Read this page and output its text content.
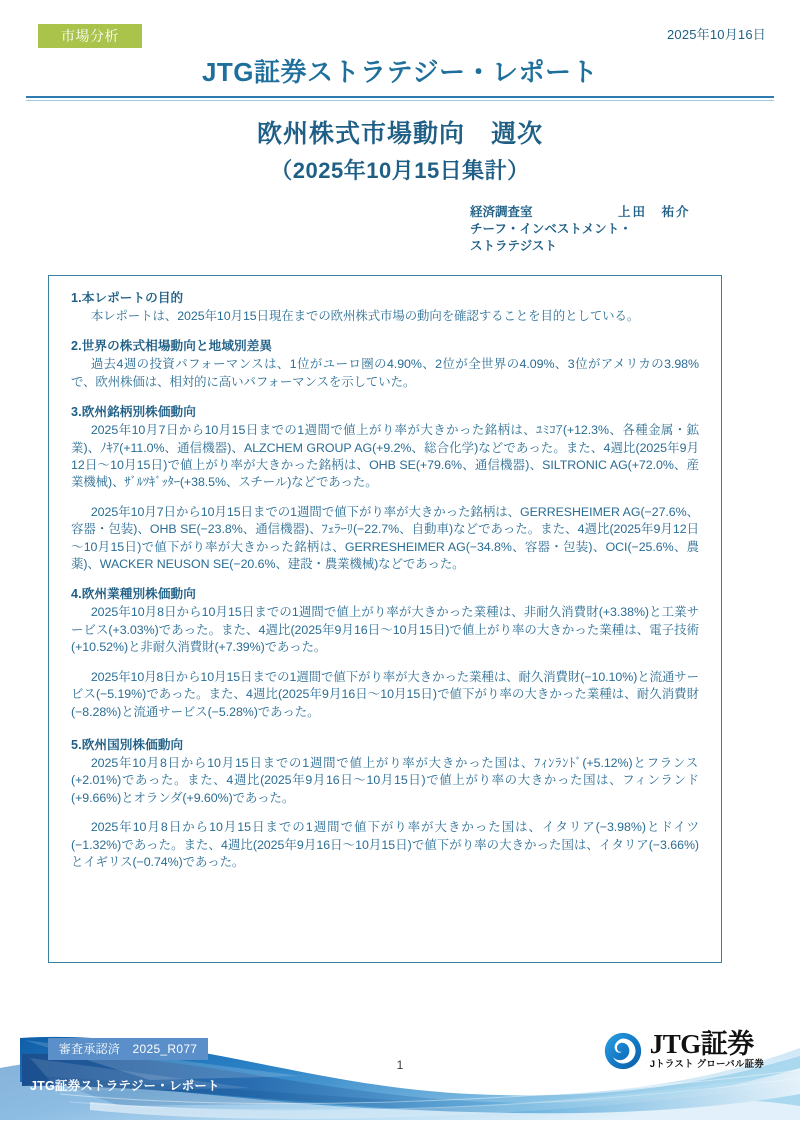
市場分析	2025年10月16日
JTG証券ストラテジー・レポート
欧州株式市場動向　週次
（2025年10月15日集計）
経済調査室	上田　祐介
チーフ・インベストメント・
ストラテジスト
1.本レポートの目的

本レポートは、2025年10月15日現在までの欧州株式市場の動向を確認することを目的としている。

2.世界の株式相場動向と地域別差異

過去4週の投資パフォーマンスは、1位がユーロ圏の4.90%、2位が全世界の4.09%、3位がアメリカの3.98%で、欧州株価は、相対的に高いパフォーマンスを示していた。

3.欧州銘柄別株価動向

2025年10月7日から10月15日までの1週間で値上がり率が大きかった銘柄は、ﾕﾐｺｱ(+12.3%、各種金属・鉱業)、ﾉｷｱ(+11.0%、通信機器)、ALZCHEM GROUP AG(+9.2%、総合化学)などであった。また、4週比(2025年9月12日～10月15日)で値上がり率が大きかった銘柄は、OHB SE(+79.6%、通信機器)、SILTRONIC AG(+72.0%、産業機械)、ｻﾞﾙﾂｷﾞｯﾀｰ(+38.5%、スチール)などであった。

2025年10月7日から10月15日までの1週間で値下がり率が大きかった銘柄は、GERRESHEIMER AG(−27.6%、容器・包装)、OHB SE(−23.8%、通信機器)、ﾌｪﾗｰﾘ(−22.7%、自動車)などであった。また、4週比(2025年9月12日～10月15日)で値下がり率が大きかった銘柄は、GERRESHEIMER AG(−34.8%、容器・包装)、OCI(−25.6%、農薬)、WACKER NEUSON SE(−20.6%、建設・農業機械)などであった。

4.欧州業種別株価動向

2025年10月8日から10月15日までの1週間で値上がり率が大きかった業種は、非耐久消費財(+3.38%)と工業サービス(+3.03%)であった。また、4週比(2025年9月16日～10月15日)で値上がり率の大きかった業種は、電子技術(+10.52%)と非耐久消費財(+7.39%)であった。

2025年10月8日から10月15日までの1週間で値下がり率が大きかった業種は、耐久消費財(−10.10%)と流通サービス(−5.19%)であった。また、4週比(2025年9月16日～10月15日)で値下がり率の大きかった業種は、耐久消費財(−8.28%)と流通サービス(−5.28%)であった。

5.欧州国別株価動向

2025年10月8日から10月15日までの1週間で値上がり率が大きかった国は、ﾌｨﾝﾗﾝﾄﾞ(+5.12%)とフランス(+2.01%)であった。また、4週比(2025年9月16日～10月15日)で値上がり率の大きかった国は、フィンランド(+9.66%)とオランダ(+9.60%)であった。

2025年10月8日から10月15日までの1週間で値下がり率が大きかった国は、イタリア(−3.98%)とドイツ(−1.32%)であった。また、4週比(2025年9月16日～10月15日)で値下がり率の大きかった国は、イタリア(−3.66%)とイギリス(−0.74%)であった。

審査承認済　2025_R077
JTG証券ストラテジー・レポート
1
JTG証券
Jトラスト グローバル証券
